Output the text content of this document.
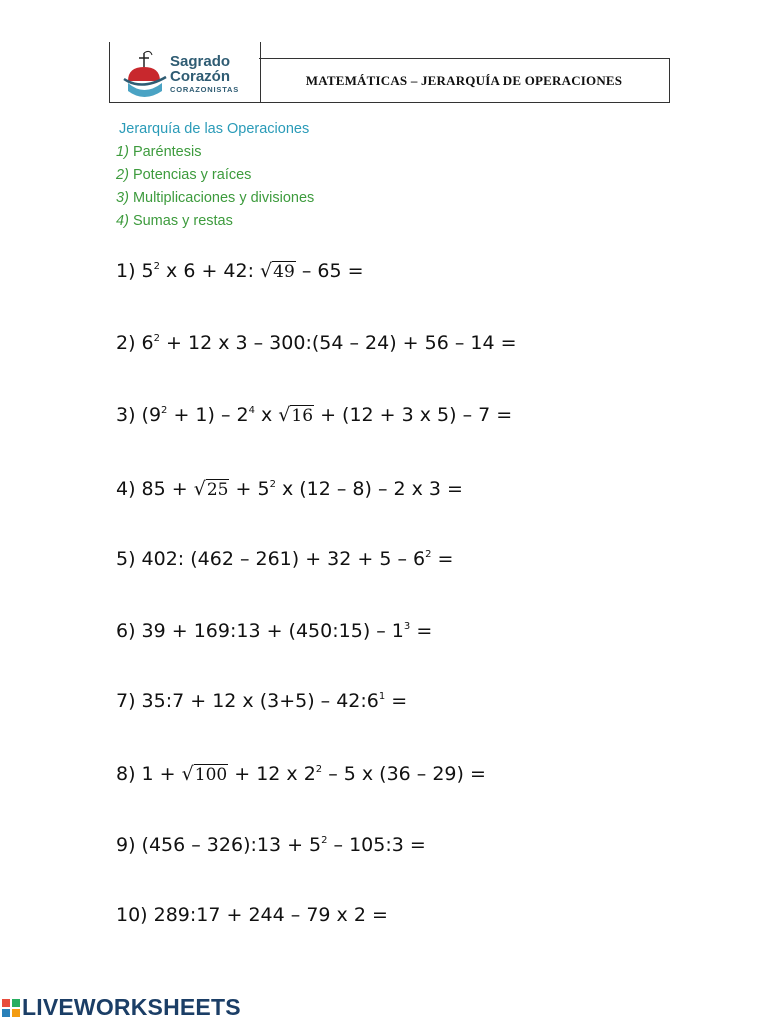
Sagrado
Corazón
CORAZONISTAS
MATEMÁTICAS – JERARQUÍA DE OPERACIONES
Jerarquía de las Operaciones
1) Paréntesis
2) Potencias y raíces
3) Multiplicaciones y divisiones
4) Sumas y restas
1) $5^2$ x 6 + 42: √49 – 65 =
2) $6^2 + 12$ x 3 – 300:(54 – 24) + 56 – 14 =
3) $(9^2 + 1) - 2^4$ x √16 + (12 + 3 x 5) – 7 =
4) $85 + √25 + 5^2$ x (12 – 8) – 2 x 3 =
5) 402: $(462 - 261) + 32 + 5 - 6^2$ =
6) 39 + 169:13 + (450:15) – $1^3$ =
7) 35:7 + 12 x $(3+5) - 42:6^1$ =
8) 1 + √100 + 12 x $2^2 - 5$ x (36 – 29) =
9) (456 – 326):13 + $5^2$ – 105:3 =
10) 289:17 + 244 – 79 x 2 =
LIVEWORKSHEETS
